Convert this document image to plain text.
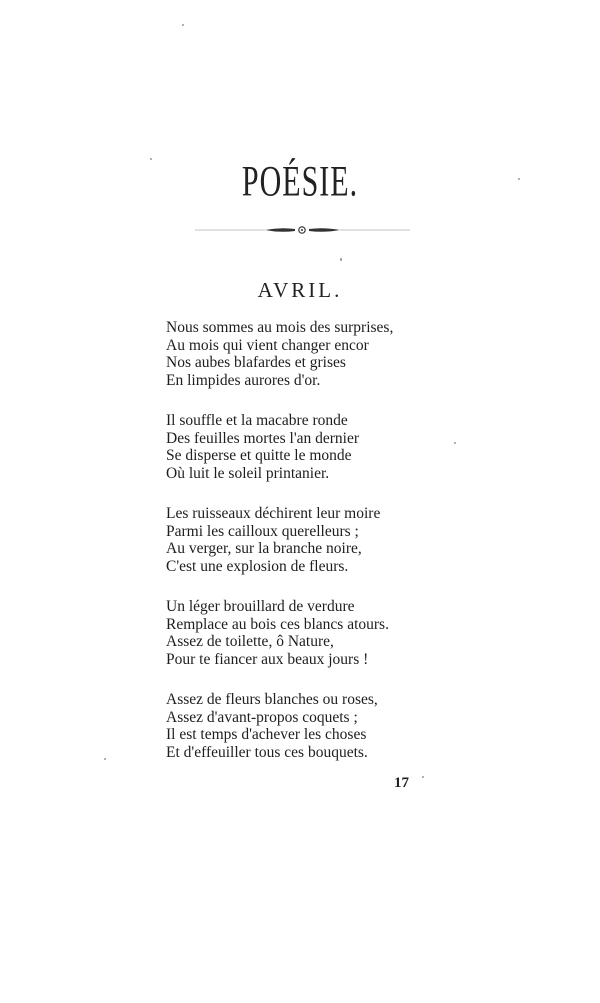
POÉSIE.
AVRIL.
Nous sommes au mois des surprises,
Au mois qui vient changer encor
Nos aubes blafardes et grises
En limpides aurores d'or.
Il souffle et la macabre ronde
Des feuilles mortes l'an dernier
Se disperse et quitte le monde
Où luit le soleil printanier.
Les ruisseaux déchirent leur moire
Parmi les cailloux querelleurs ;
Au verger, sur la branche noire,
C'est une explosion de fleurs.
Un léger brouillard de verdure
Remplace au bois ces blancs atours.
Assez de toilette, ô Nature,
Pour te fiancer aux beaux jours !
Assez de fleurs blanches ou roses,
Assez d'avant-propos coquets ;
Il est temps d'achever les choses
Et d'effeuiller tous ces bouquets.
17
